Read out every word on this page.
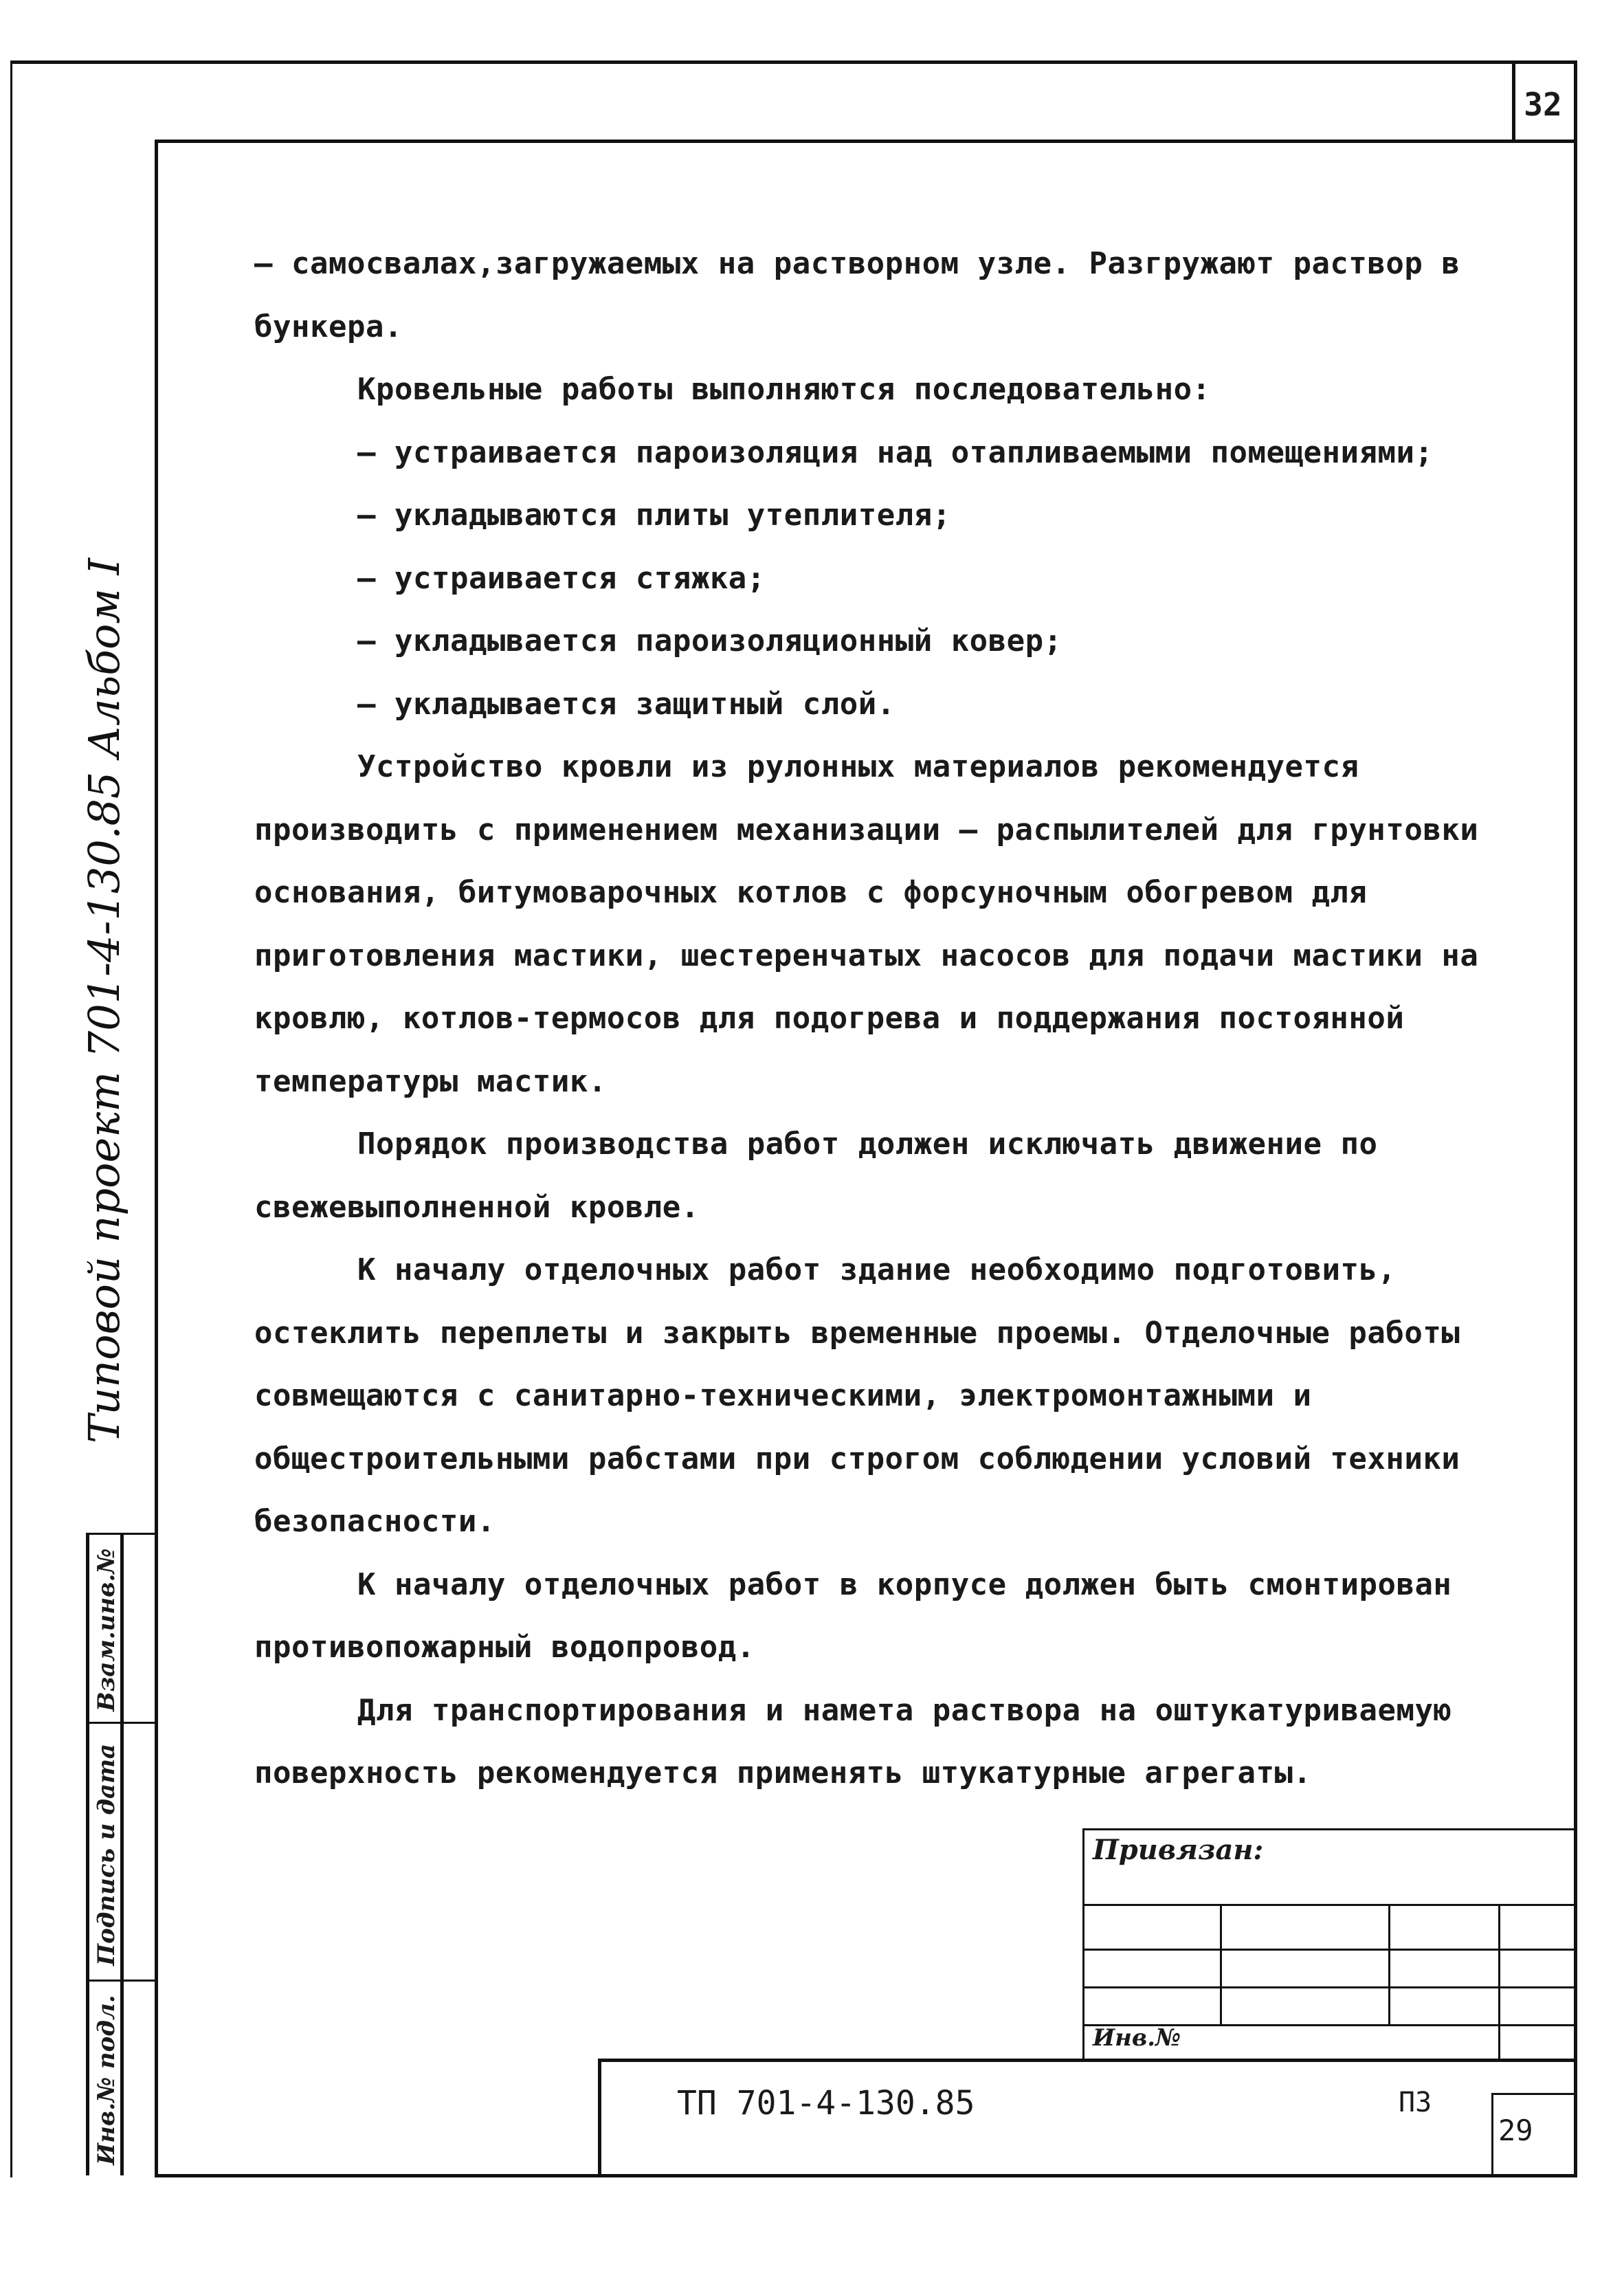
32
Типовой проект 701-4-130.85 Альбом I
Взам.инв.№
Подпись и дата
Инв.№ подл.

– самосвалах,загружаемых на растворном узле. Разгружают раствор в бункера.

Кровельные работы выполняются последовательно:

– устраивается пароизоляция над отапливаемыми помещениями;

– укладываются плиты утеплителя;

– устраивается стяжка;

– укладывается пароизоляционный ковер;

– укладывается защитный слой.

Устройство кровли из рулонных материалов рекомендуется производить с применением механизации – распылителей для грунтовки основания, битумоварочных котлов с форсуночным обогревом для приготовления мастики, шестеренчатых насосов для подачи мастики на кровлю, котлов-термосов для подогрева и поддержания постоянной температуры мастик.

Порядок производства работ должен исключать движение по свежевыполненной кровле.

К началу отделочных работ здание необходимо подготовить, остеклить переплеты и закрыть временные проемы. Отделочные работы совмещаются с санитарно-техническими, электромонтажными и общестроительными рабстами при строгом соблюдении условий техники безопасности.

К началу отделочных работ в корпусе должен быть смонтирован противопожарный водопровод.

Для транспортирования и намета раствора на оштукатуриваемую поверхность рекомендуется применять штукатурные агрегаты.

Привязан:
Инв.№
ТП 701-4-130.85	ПЗ
29
